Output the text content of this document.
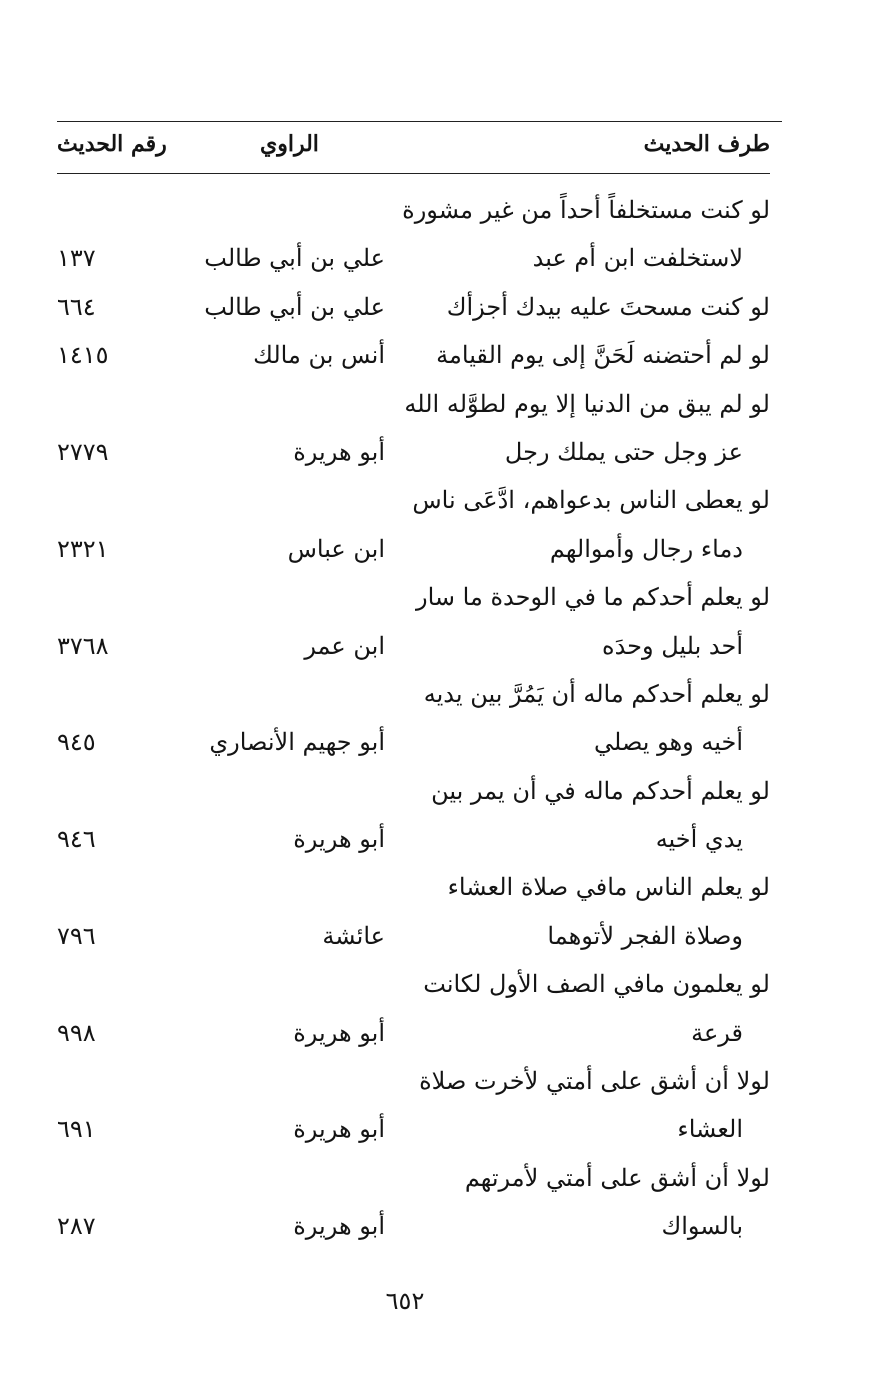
طرف الحديث
الراوي
رقم الحديث
لو كنت مستخلفاً أحداً من غير مشورة
لاستخلفت ابن أم عبد
علي بن أبي طالب
١٣٧
لو كنت مسحتَ عليه بيدك أجزأك
علي بن أبي طالب
٦٦٤
لو لم أحتضنه لَحَنَّ إلى يوم القيامة
أنس بن مالك
١٤١٥
لو لم يبق من الدنيا إلا يوم لطوَّله الله
عز وجل حتى يملك رجل
أبو هريرة
٢٧٧٩
لو يعطى الناس بدعواهم، ادَّعَى ناس
دماء رجال وأموالهم
ابن عباس
٢٣٢١
لو يعلم أحدكم ما في الوحدة ما سار
أحد بليل وحدَه
ابن عمر
٣٧٦٨
لو يعلم أحدكم ماله أن يَمُرَّ بين يديه
أخيه وهو يصلي
أبو جهيم الأنصاري
٩٤٥
لو يعلم أحدكم ماله في أن يمر بين
يدي أخيه
أبو هريرة
٩٤٦
لو يعلم الناس مافي صلاة العشاء
وصلاة الفجر لأتوهما
عائشة
٧٩٦
لو يعلمون مافي الصف الأول لكانت
قرعة
أبو هريرة
٩٩٨
لولا أن أشق على أمتي لأخرت صلاة
العشاء
أبو هريرة
٦٩١
لولا أن أشق على أمتي لأمرتهم
بالسواك
أبو هريرة
٢٨٧
٦٥٢
